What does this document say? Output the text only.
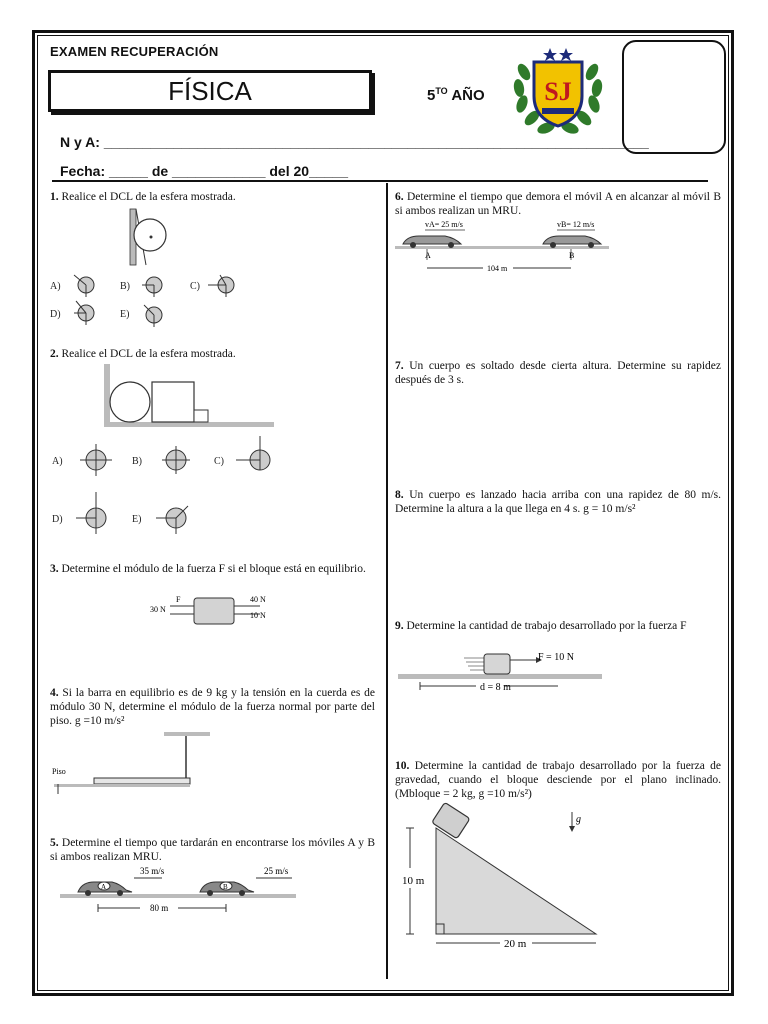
EXAMEN RECUPERACIÓN
FÍSICA	$5^{TO}$ AÑO SJ
N y A: ______________________________________________________________________
Fecha: _____ de ____________ del 20_____
1. Realice el DCL de la esfera mostrada.
A)	B)	C)
D)	E)
2. Realice el DCL de la esfera mostrada.
A)	B)	C)
D)	E)
3. Determine el módulo de la fuerza F si el bloque está en equilibrio.
F
30 N
40 N
10 N
4. Si la barra en equilibrio es de 9 kg y la tensión en la cuerda es de módulo 30 N, determine el módulo de la fuerza normal por parte del piso. g =10 m/s²
Piso
5. Determine el tiempo que tardarán en encontrarse los móviles A y B si ambos realizan MRU.
A	B
35 m/s	25 m/s
80 m
6. Determine el tiempo que demora el móvil A en alcanzar al móvil B si ambos realizan un MRU.
vA= 25 m/s	vB= 12 m/s
A	B
104 m
7. Un cuerpo es soltado desde cierta altura. Determine su rapidez después de 3 s.
8. Un cuerpo es lanzado hacia arriba con una rapidez de 80 m/s. Determine la altura a la que llega en 4 s. g = 10 m/s²
9. Determine la cantidad de trabajo desarrollado por la fuerza F
F = 10 N
d = 8 m
10. Determine la cantidad de trabajo desarrollado por la fuerza de gravedad, cuando el bloque desciende por el plano inclinado. (Mbloque = 2 kg, g =10 m/s²)
10 m
20 m
g
